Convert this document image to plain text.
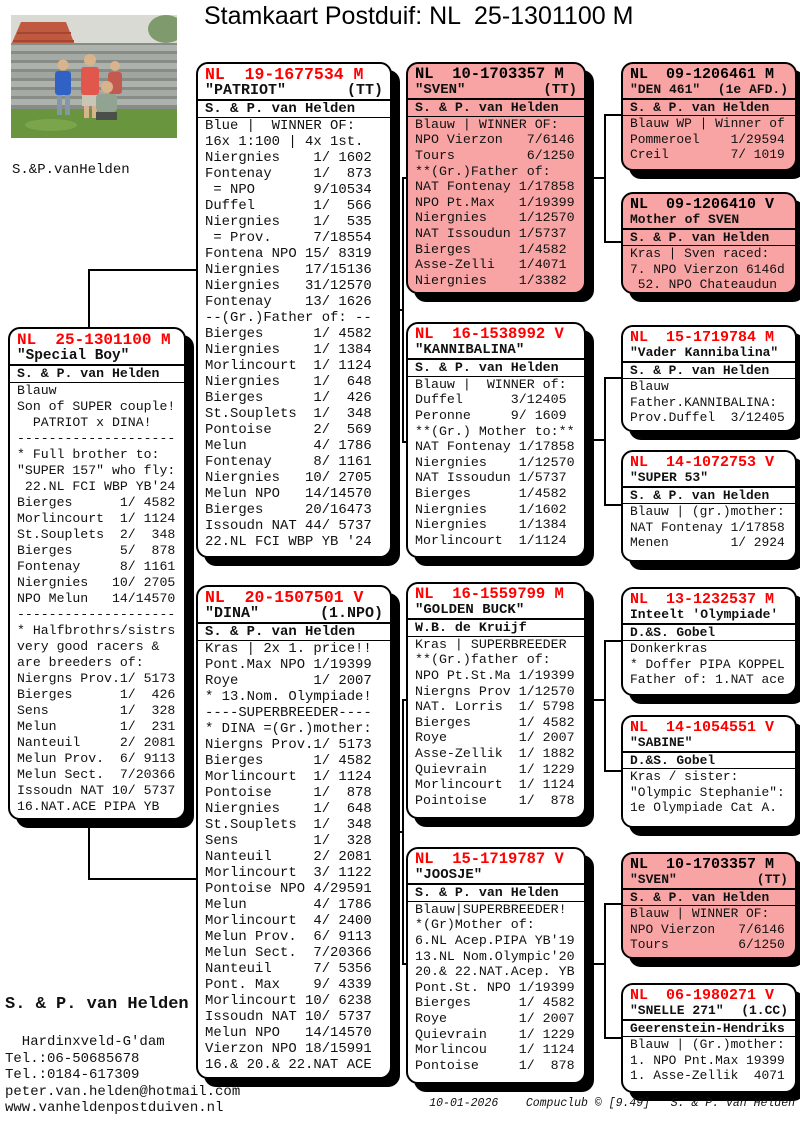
Stamkaart Postduif: NL  25-1301100 M
S.&P.vanHelden
NL  25-1301100 M
"Special Boy"
S. & P. van Helden
Blauw
Son of SUPER couple!
PATRIOT x DINA!
--------------------
* Full brother to:
"SUPER 157" who fly:
22.NL FCI WBP YB'24
Bierges      1/ 4582
Morlincourt  1/ 1124
St.Souplets  2/  348
Bierges      5/  878
Fontenay     8/ 1161
Niergnies   10/ 2705
NPO Melun   14/14570
--------------------
* Halfbrothrs/sistrs
very good racers &
are breeders of:
Niergns Prov.1/ 5173
Bierges      1/  426
Sens         1/  328
Melun        1/  231
Nanteuil     2/ 2081
Melun Prov.  6/ 9113
Melun Sect.  7/20366
Issoudn NAT 10/ 5737
16.NAT.ACE PIPA YB
NL  19-1677534 M
"PATRIOT"	(TT)
S. & P. van Helden
Blue |  WINNER OF:
16x 1:100 | 4x 1st.
Niergnies    1/ 1602
Fontenay     1/  873
= NPO       9/10534
Duffel       1/  566
Niergnies    1/  535
= Prov.     7/18554
Fontena NPO 15/ 8319
Niergnies   17/15136
Niergnies   31/12570
Fontenay    13/ 1626
--(Gr.)Father of: --
Bierges      1/ 4582
Niergnies    1/ 1384
Morlincourt  1/ 1124
Niergnies    1/  648
Bierges      1/  426
St.Souplets  1/  348
Pontoise     2/  569
Melun        4/ 1786
Fontenay     8/ 1161
Niergnies   10/ 2705
Melun NPO   14/14570
Bierges     20/16473
Issoudn NAT 44/ 5737
22.NL FCI WBP YB '24
NL  20-1507501 V
"DINA"	(1.NPO)
S. & P. van Helden
Kras | 2x 1. price!!
Pont.Max NPO 1/19399
Roye         1/ 2007
* 13.Nom. Olympiade!
----SUPERBREEDER----
* DINA =(Gr.)mother:
Niergns Prov.1/ 5173
Bierges      1/ 4582
Morlincourt  1/ 1124
Pontoise     1/  878
Niergnies    1/  648
St.Souplets  1/  348
Sens         1/  328
Nanteuil     2/ 2081
Morlincourt  3/ 1122
Pontoise NPO 4/29591
Melun        4/ 1786
Morlincourt  4/ 2400
Melun Prov.  6/ 9113
Melun Sect.  7/20366
Nanteuil     7/ 5356
Pont. Max    9/ 4339
Morlincourt 10/ 6238
Issoudn NAT 10/ 5737
Melun NPO   14/14570
Vierzon NPO 18/15991
16.& 20.& 22.NAT ACE
NL  10-1703357 M
"SVEN"	(TT)
S. & P. van Helden
Blauw | WINNER OF:
NPO Vierzon   7/6146
Tours         6/1250
**(Gr.)Father of:
NAT Fontenay 1/17858
NPO Pt.Max   1/19399
Niergnies    1/12570
NAT Issoudun 1/5737
Bierges      1/4582
Asse-Zelli   1/4071
Niergnies    1/3382
NL  16-1538992 V
"KANNIBALINA"
S. & P. van Helden
Blauw |  WINNER of:
Duffel      3/12405
Peronne     9/ 1609
**(Gr.) Mother to:**
NAT Fontenay 1/17858
Niergnies    1/12570
NAT Issoudun 1/5737
Bierges      1/4582
Niergnies    1/1602
Niergnies    1/1384
Morlincourt  1/1124
NL  16-1559799 M
"GOLDEN BUCK"
W.B. de Kruijf
Kras | SUPERBREEDER
**(Gr.)father of:
NPO Pt.St.Ma 1/19399
Niergns Prov 1/12570
NAT. Lorris  1/ 5798
Bierges      1/ 4582
Roye         1/ 2007
Asse-Zellik  1/ 1882
Quievrain    1/ 1229
Morlincourt  1/ 1124
Pointoise    1/  878
NL  15-1719787 V
"JOOSJE"
S. & P. van Helden
Blauw|SUPERBREEDER!
*(Gr)Mother of:
6.NL Acep.PIPA YB'19
13.NL Nom.Olympic'20
20.& 22.NAT.Acep. YB
Pont.St. NPO 1/19399
Bierges      1/ 4582
Roye         1/ 2007
Quievrain    1/ 1229
Morlincou    1/ 1124
Pontoise     1/  878
NL  09-1206461 M
"DEN 461" (1e AFD.)
S. & P. van Helden
Blauw WP | Winner of
Pommeroel    1/29594
Creil        7/ 1019
NL  09-1206410 V
Mother of SVEN
S. & P. van Helden
Kras | Sven raced:
7. NPO Vierzon 6146d
52. NPO Chateaudun
NL  15-1719784 M
"Vader Kannibalina"
S. & P. van Helden
Blauw
Father.KANNIBALINA:
Prov.Duffel  3/12405
NL  14-1072753 V
"SUPER 53"
S. & P. van Helden
Blauw | (gr.)mother:
NAT Fontenay 1/17858
Menen        1/ 2924
NL  13-1232537 M
Inteelt 'Olympiade'
D.&S. Gobel
Donkerkras
* Doffer PIPA KOPPEL
Father of: 1.NAT ace
NL  14-1054551 V
"SABINE"
D.&S. Gobel
Kras / sister:
"Olympic Stephanie":
1e Olympiade Cat A.
NL  10-1703357 M
"SVEN"	(TT)
S. & P. van Helden
Blauw | WINNER OF:
NPO Vierzon   7/6146
Tours         6/1250
NL  06-1980271 V
"SNELLE 271" (1.CC)
Geerenstein-Hendriks
Blauw | (Gr.)mother:
1. NPO Pnt.Max 19399
1. Asse-Zellik  4071
S. & P. van Helden
Hardinxveld-G'dam
Tel.:06-50685678
Tel.:0184-617309
peter.van.helden@hotmail.com
www.vanheldenpostduiven.nl	10-01-2026    Compuclub © [9.49]   S. & P. van Helden
